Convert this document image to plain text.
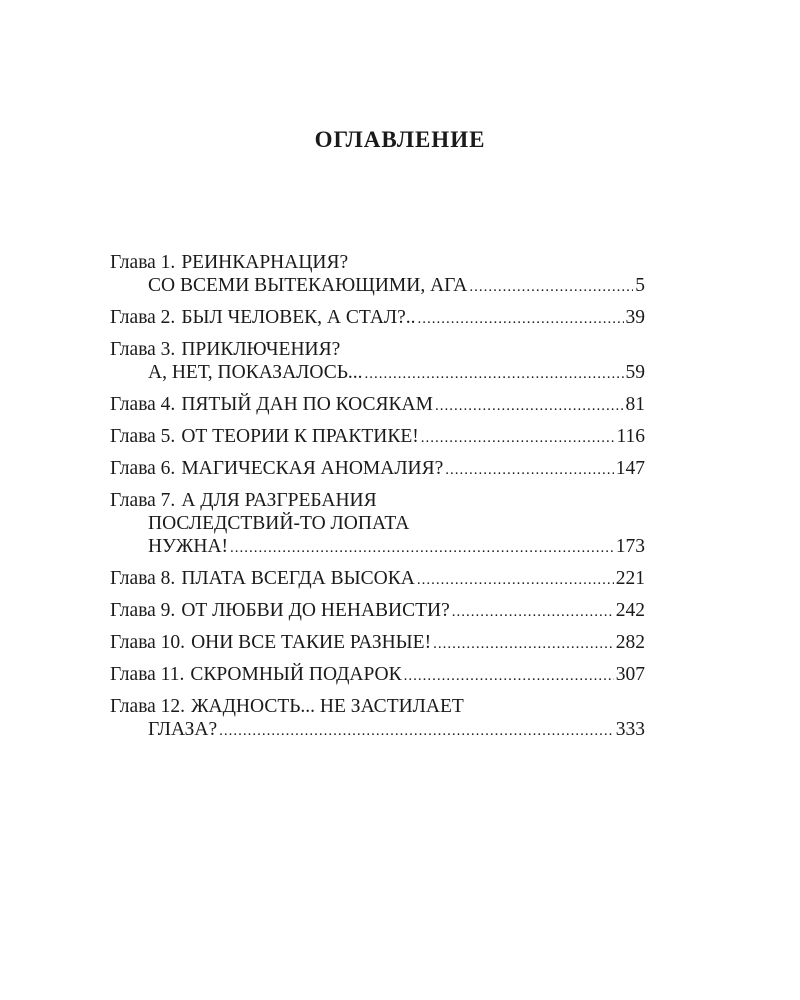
ОГЛАВЛЕНИЕ
Глава 1. РЕИНКАРНАЦИЯ?
СО ВСЕМИ ВЫТЕКАЮЩИМИ, АГА .....	5
Глава 2. БЫЛ ЧЕЛОВЕК, А СТАЛ?.. .....	39
Глава 3. ПРИКЛЮЧЕНИЯ?
А, НЕТ, ПОКАЗАЛОСЬ... .....	59
Глава 4. ПЯТЫЙ ДАН ПО КОСЯКАМ .....	81
Глава 5. ОТ ТЕОРИИ К ПРАКТИКЕ! .....	116
Глава 6. МАГИЧЕСКАЯ АНОМАЛИЯ? .....	147
Глава 7. А ДЛЯ РАЗГРЕБАНИЯ
ПОСЛЕДСТВИЙ-ТО ЛОПАТА
НУЖНА! .....	173
Глава 8. ПЛАТА ВСЕГДА ВЫСОКА .....	221
Глава 9. ОТ ЛЮБВИ ДО НЕНАВИСТИ? .....	242
Глава 10. ОНИ ВСЕ ТАКИЕ РАЗНЫЕ! .....	282
Глава 11. СКРОМНЫЙ ПОДАРОК .....	307
Глава 12. ЖАДНОСТЬ... НЕ ЗАСТИЛАЕТ
ГЛАЗА? .....	333
